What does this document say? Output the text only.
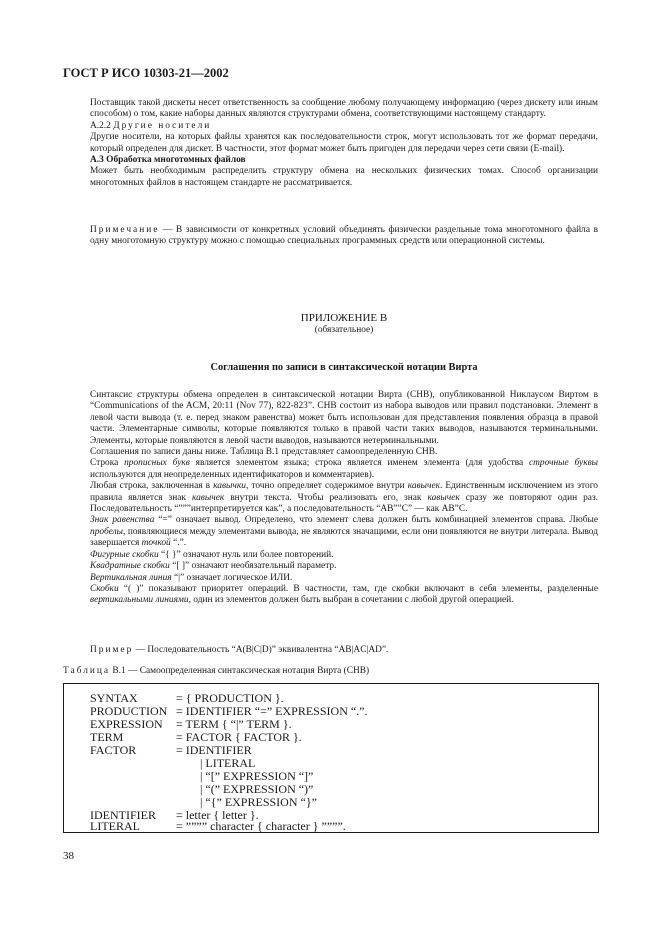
ГОСТ Р ИСО 10303-21—2002

Поставщик такой дискеты несет ответственность за сообщение любому получающему информацию (через дискету или иным способом) о том, какие наборы данных являются структурами обмена, соответствующими настоящему стандарту.

А.2.2 Другие носители

Другие носители, на которых файлы хранятся как последовательности строк, могут использовать тот же формат передачи, который определен для дискет. В частности, этот формат может быть пригоден для передачи через сети связи (E-mail).

А.3 Обработка многотомных файлов

Может быть необходимым распределить структуру обмена на нескольких физических томах. Способ организации многотомных файлов в настоящем стандарте не рассматривается.

Примечание — В зависимости от конкретных условий объединять физически раздельные тома многотомного файла в одну многотомную структуру можно с помощью специальных программных средств или операционной системы.

ПРИЛОЖЕНИЕ В
(обязательное)
Соглашения по записи в синтаксической нотации Вирта

Синтаксис структуры обмена определен в синтаксической нотации Вирта (СНВ), опубликованной Никлаусом Виртом в “Communications of the ACM, 20:11 (Nov 77), 822-823”. СНВ состоит из набора выводов или правил подстановки. Элемент в левой части вывода (т. е. перед знаком равенства) может быть использован для представления появления образца в правой части. Элементарные символы, которые появляются только в правой части таких выводов, называются терминальными. Элементы, которые появляются в левой части выводов, называются нетерминальными.

Соглашения по записи даны ниже. Таблица В.1 представляет самоопределенную СНВ.

Строка прописных букв является элементом языка; строка является именем элемента (для удобства строчные буквы используются для неопределенных идентификаторов и комментариев).

Любая строка, заключенная в кавычки, точно определяет содержимое внутри кавычек. Единственным исключением из этого правила является знак кавычек внутри текста. Чтобы реализовать его, знак кавычек сразу же повторяют один раз. Последовательность “”””интерпретируется как”, а последовательность “AB””C” — как AB”C.

Знак равенства “=” означает вывод. Определено, что элемент слева должен быть комбинацией элементов справа. Любые пробелы, появляющиеся между элементами вывода, не являются значащими, если они появляются не внутри литерала. Вывод завершается точкой “.”.

Фигурные скобки “{ }” означают нуль или более повторений.

Квадратные скобки “[ ]” означают необязательный параметр.

Вертикальная линия “|” означает логическое ИЛИ.

Скобки “( )” показывают приоритет операций. В частности, там, где скобки включают в себя элементы, разделенные вертикальными линиями, один из элементов должен быть выбран в сочетании с любой другой операцией.

Пример — Последовательность “A(B|C|D)” эквивалентна “AB|AC|AD”.

Таблица В.1 — Самоопределенная синтаксическая нотация Вирта (СНВ)

SYNTAX	= { PRODUCTION }.
PRODUCTION = IDENTIFIER “=” EXPRESSION “.”.
EXPRESSION = TERM { “|” TERM }.
TERM	= FACTOR { FACTOR }.
FACTOR	= IDENTIFIER
| LITERAL
| “[” EXPRESSION “]”
| “(” EXPRESSION “)”
| “{” EXPRESSION “}”
IDENTIFIER = letter { letter }.
LITERAL	= ”””” character { character } ””””.
38
